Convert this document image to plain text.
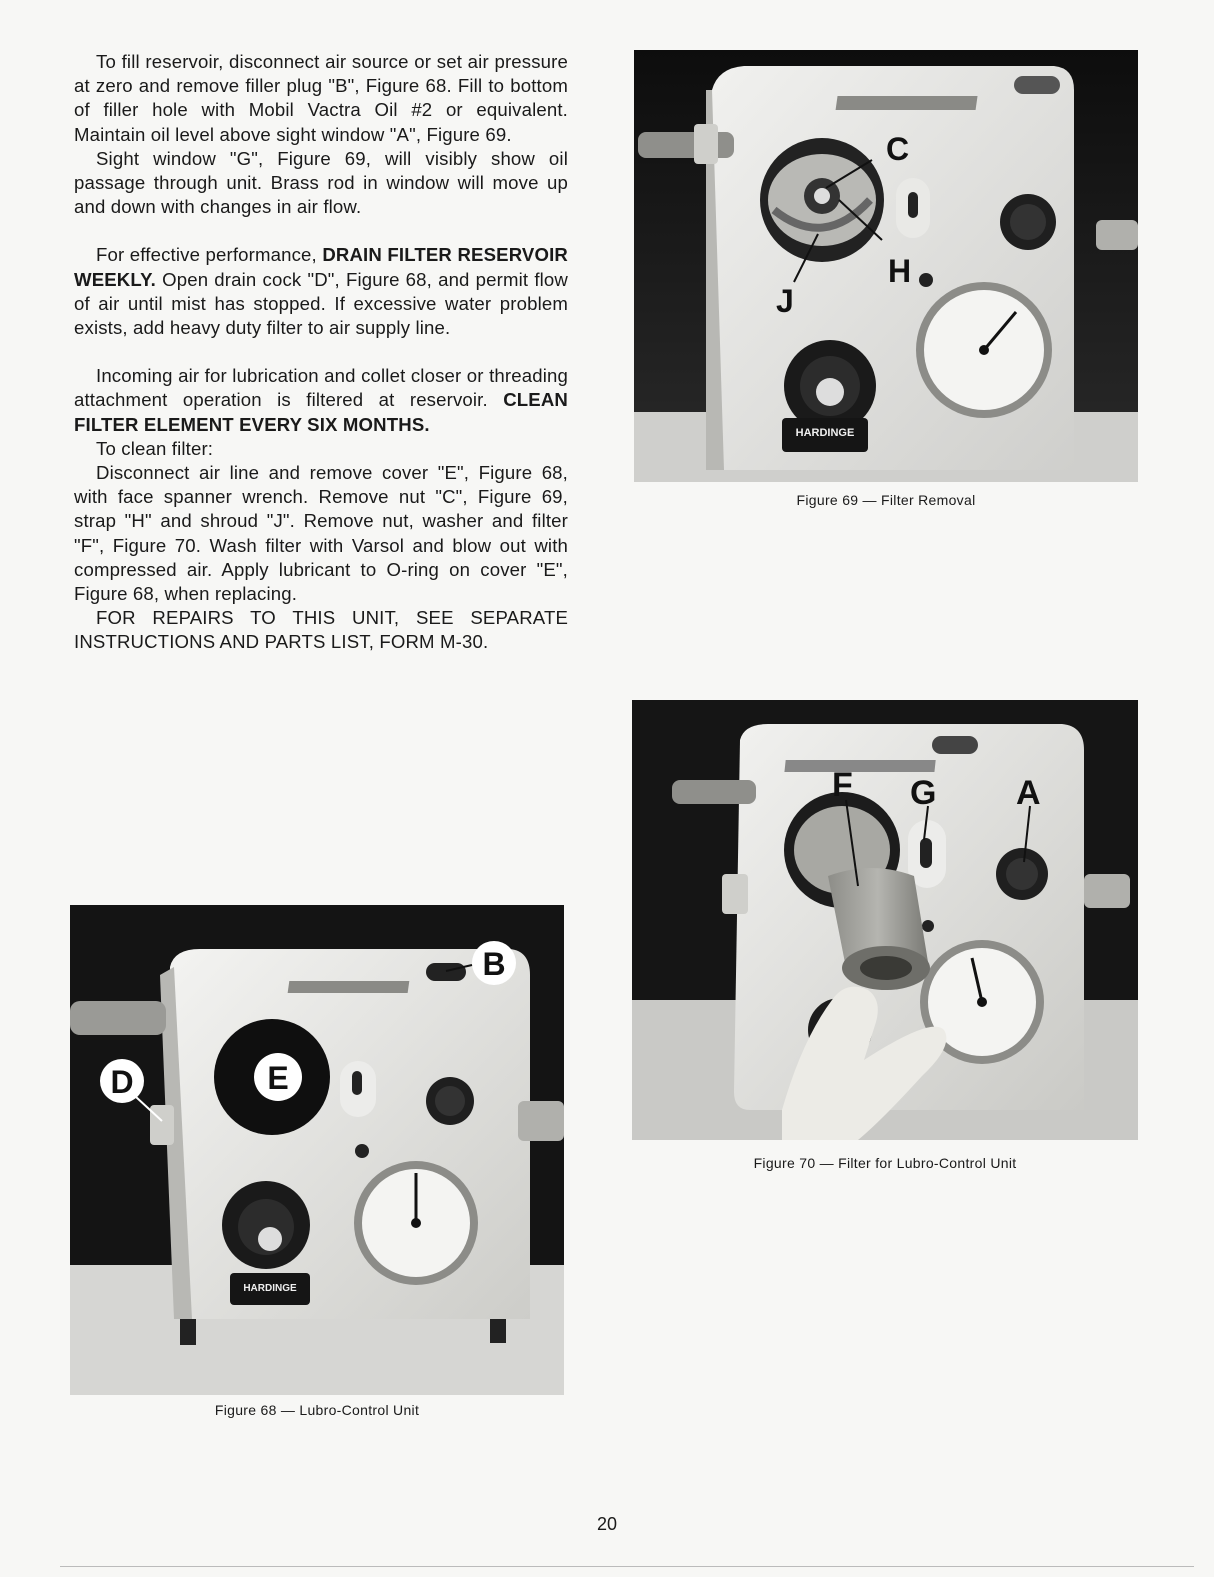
To fill reservoir, disconnect air source or set air pressure at zero and remove filler plug "B", Figure 68. Fill to bottom of filler hole with Mobil Vactra Oil #2 or equivalent. Maintain oil level above sight window "A", Figure 69.

Sight window "G", Figure 69, will visibly show oil passage through unit. Brass rod in window will move up and down with changes in air flow.

For effective performance, DRAIN FILTER RESERVOIR WEEKLY. Open drain cock "D", Figure 68, and permit flow of air until mist has stopped. If excessive water problem exists, add heavy duty filter to air supply line.

Incoming air for lubrication and collet closer or threading attachment operation is filtered at reservoir. CLEAN FILTER ELEMENT EVERY SIX MONTHS.

To clean filter:

Disconnect air line and remove cover "E", Figure 68, with face spanner wrench. Remove nut "C", Figure 69, strap "H" and shroud "J". Remove nut, washer and filter "F", Figure 70. Wash filter with Varsol and blow out with compressed air. Apply lubricant to O-ring on cover "E", Figure 68, when replacing.

FOR REPAIRS TO THIS UNIT, SEE SEPARATE INSTRUCTIONS AND PARTS LIST, FORM M-30.

HARDINGE
C
H
J
Figure 69 — Filter Removal
F G A
Figure 70 — Filter for Lubro-Control Unit
HARDINGE
E
B
D
Figure 68 — Lubro-Control Unit
20
